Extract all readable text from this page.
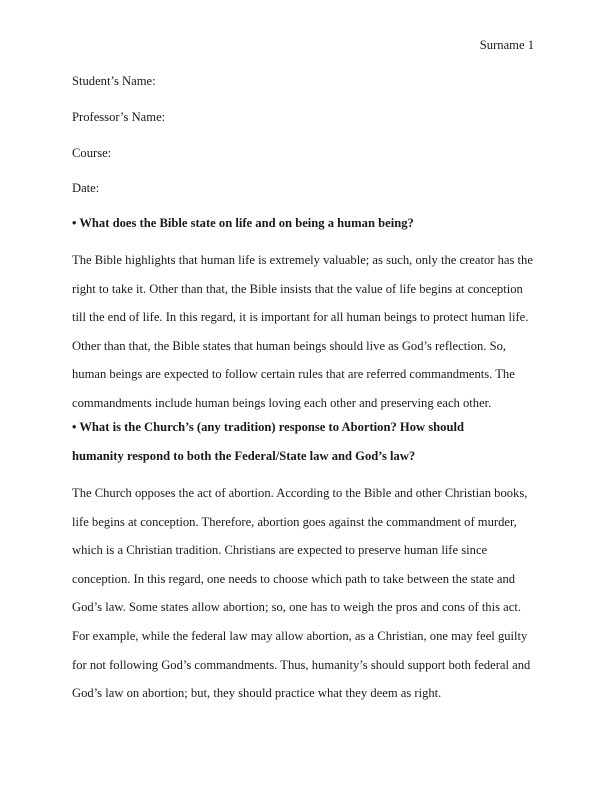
Surname 1
Student’s Name:
Professor’s Name:
Course:
Date:
• What does the Bible state on life and on being a human being?
The Bible highlights that human life is extremely valuable; as such, only the creator has the right to take it. Other than that, the Bible insists that the value of life begins at conception till the end of life. In this regard, it is important for all human beings to protect human life. Other than that, the Bible states that human beings should live as God’s reflection. So, human beings are expected to follow certain rules that are referred commandments. The commandments include human beings loving each other and preserving each other.
• What is the Church’s (any tradition) response to Abortion? How should humanity respond to both the Federal/State law and God’s law?
The Church opposes the act of abortion. According to the Bible and other Christian books, life begins at conception. Therefore, abortion goes against the commandment of murder, which is a Christian tradition. Christians are expected to preserve human life since conception. In this regard, one needs to choose which path to take between the state and God’s law. Some states allow abortion; so, one has to weigh the pros and cons of this act. For example, while the federal law may allow abortion, as a Christian, one may feel guilty for not following God’s commandments. Thus, humanity’s should support both federal and God’s law on abortion; but, they should practice what they deem as right.
